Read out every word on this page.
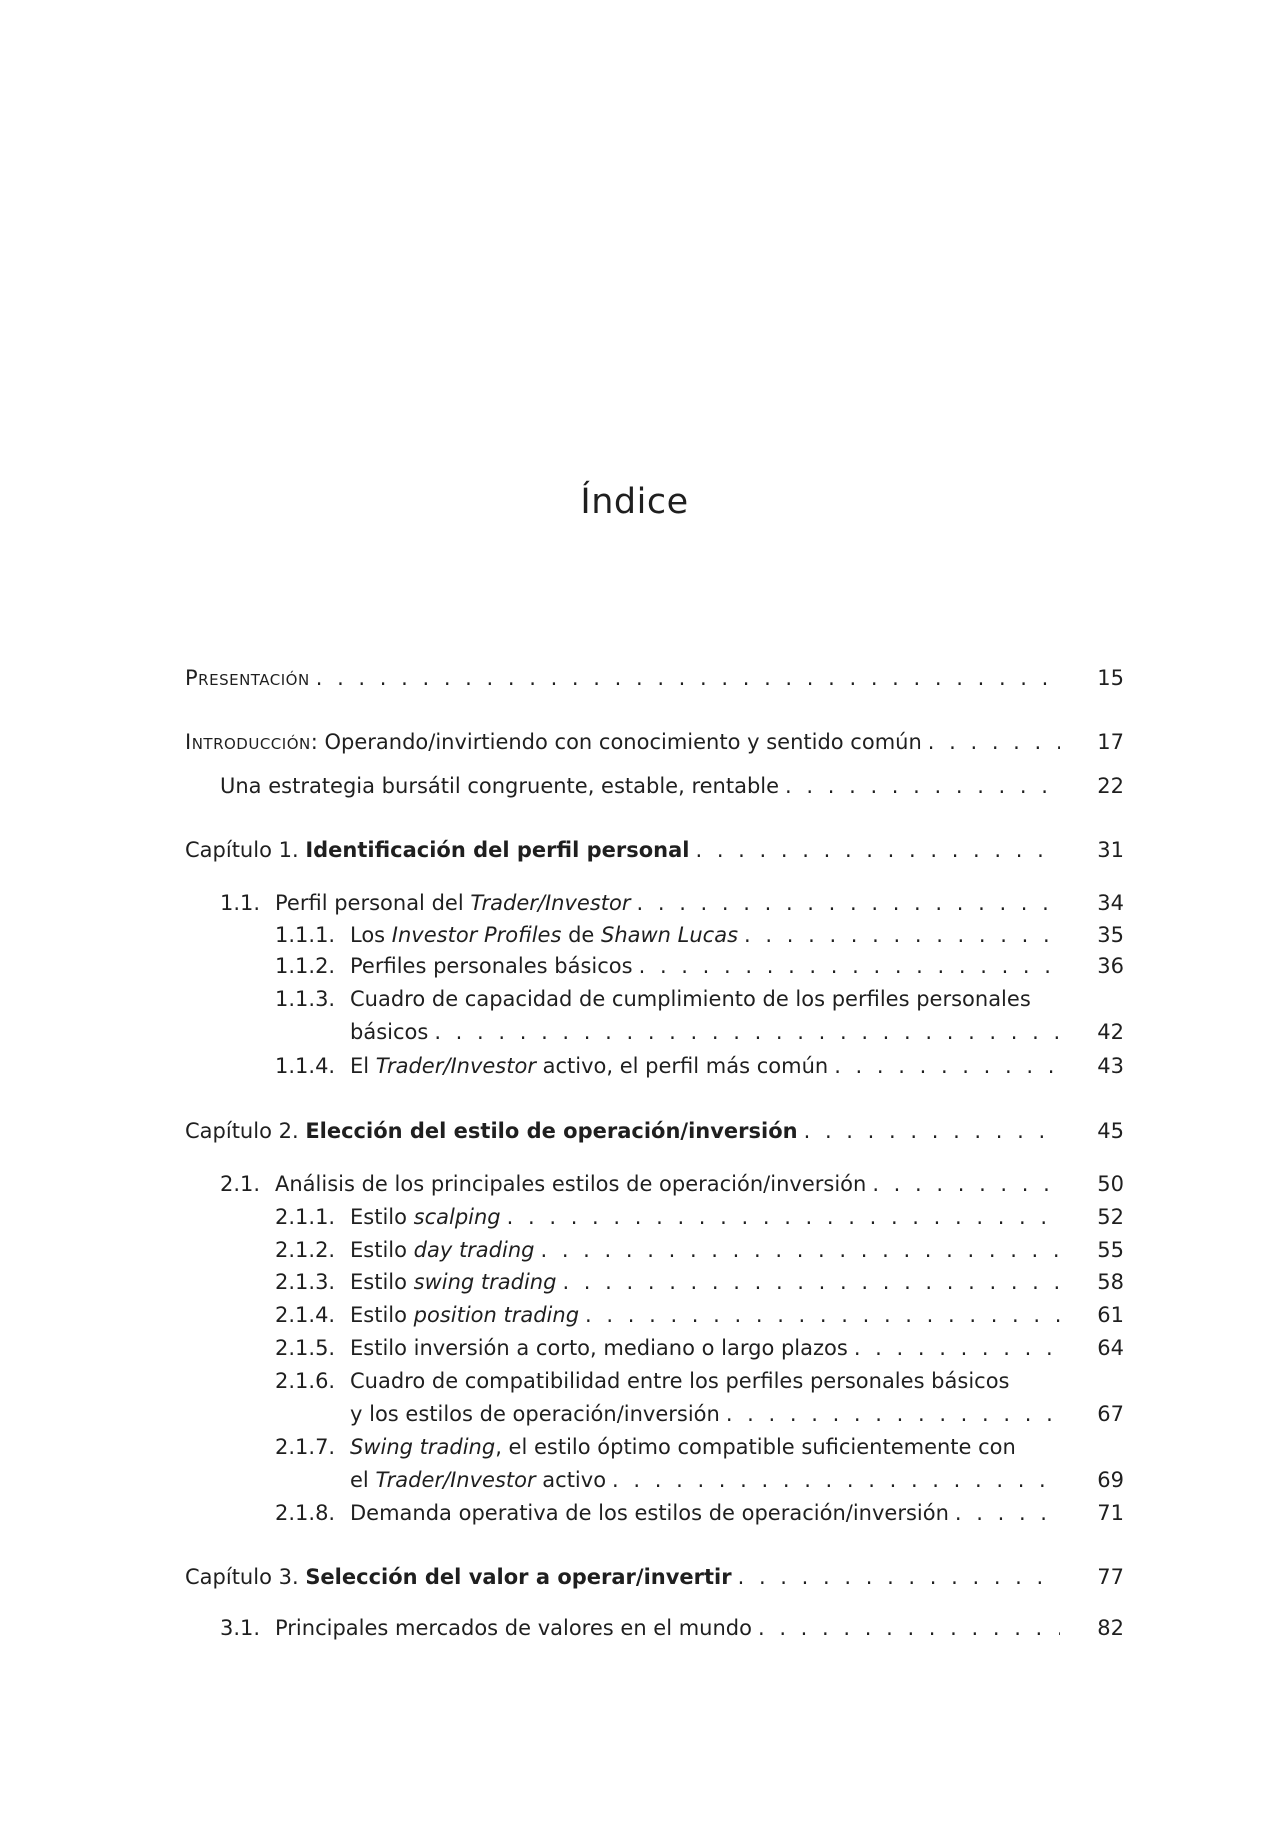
Índice
Presentación . . .	15
Introducción: Operando/invirtiendo con conocimiento y sentido común . . .	17
Una estrategia bursátil congruente, estable, rentable . . .	22
Capítulo 1. Identificación del perfil personal . . .	31
1.1. Perfil personal del Trader/Investor . . .	34
1.1.1. Los Investor Profiles de Shawn Lucas . . .	35
1.1.2. Perfiles personales básicos . . .	36
1.1.3. Cuadro de capacidad de cumplimiento de los perfiles personales
básicos . . .	42
1.1.4. El Trader/Investor activo, el perfil más común . . .	43
Capítulo 2. Elección del estilo de operación/inversión . . .	45
2.1. Análisis de los principales estilos de operación/inversión . . .	50
2.1.1. Estilo scalping . . .	52
2.1.2. Estilo day trading . . .	55
2.1.3. Estilo swing trading . . .	58
2.1.4. Estilo position trading . . .	61
2.1.5. Estilo inversión a corto, mediano o largo plazos . . .	64
2.1.6. Cuadro de compatibilidad entre los perfiles personales básicos
y los estilos de operación/inversión . . .	67
2.1.7. Swing trading, el estilo óptimo compatible suficientemente con
el Trader/Investor activo . . .	69
2.1.8. Demanda operativa de los estilos de operación/inversión . . .	71
Capítulo 3. Selección del valor a operar/invertir . . .	77
3.1. Principales mercados de valores en el mundo . . .	82
